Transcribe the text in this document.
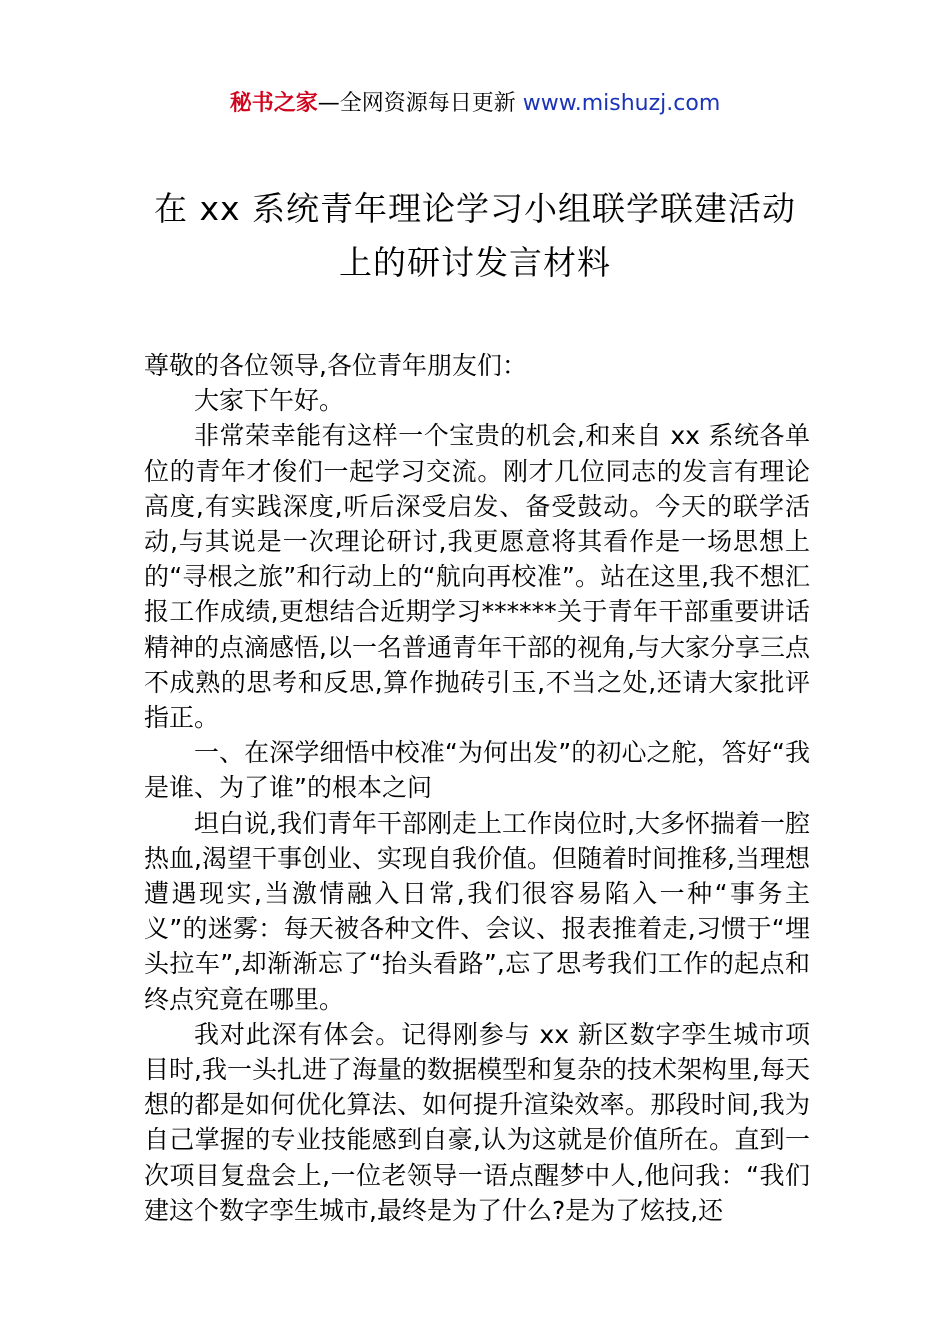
秘书之家—全网资源每日更新 www.mishuzj.com
在 xx 系统青年理论学习小组联学联建活动
上的研讨发言材料

尊敬的各位领导,各位青年朋友们：

大家下午好。

非常荣幸能有这样一个宝贵的机会,和来自 xx 系统各单位的青年才俊们一起学习交流。刚才几位同志的发言有理论高度,有实践深度,听后深受启发、备受鼓动。今天的联学活动,与其说是一次理论研讨,我更愿意将其看作是一场思想上的“寻根之旅”和行动上的“航向再校准”。站在这里,我不想汇报工作成绩,更想结合近期学习******关于青年干部重要讲话精神的点滴感悟,以一名普通青年干部的视角,与大家分享三点不成熟的思考和反思,算作抛砖引玉,不当之处,还请大家批评指正。

一、在深学细悟中校准“为何出发”的初心之舵，答好“我是谁、为了谁”的根本之问

坦白说,我们青年干部刚走上工作岗位时,大多怀揣着一腔热血,渴望干事创业、实现自我价值。但随着时间推移,当理想遭遇现实,当激情融入日常,我们很容易陷入一种“事务主义”的迷雾：每天被各种文件、会议、报表推着走,习惯于“埋头拉车”,却渐渐忘了“抬头看路”,忘了思考我们工作的起点和终点究竟在哪里。

我对此深有体会。记得刚参与 xx 新区数字孪生城市项目时,我一头扎进了海量的数据模型和复杂的技术架构里,每天想的都是如何优化算法、如何提升渲染效率。那段时间,我为自己掌握的专业技能感到自豪,认为这就是价值所在。直到一次项目复盘会上,一位老领导一语点醒梦中人,他问我：“我们建这个数字孪生城市,最终是为了什么?是为了炫技,还
